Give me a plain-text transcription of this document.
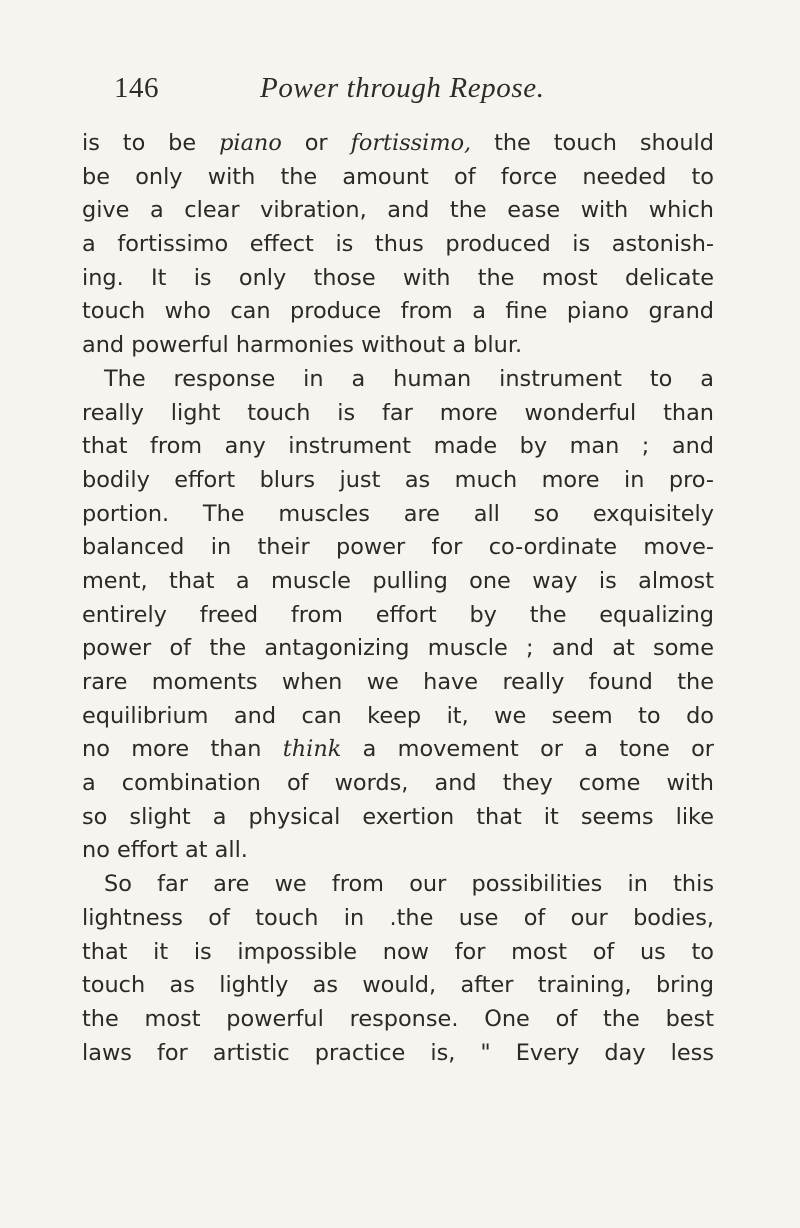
146	Power through Repose.
is to be piano or fortissimo, the touch should
be only with the amount of force needed to
give a clear vibration, and the ease with which
a fortissimo effect is thus produced is astonish-
ing. It is only those with the most delicate
touch who can produce from a fine piano grand
and powerful harmonies without a blur.
The response in a human instrument to a
really light touch is far more wonderful than
that from any instrument made by man ; and
bodily effort blurs just as much more in pro-
portion. The muscles are all so exquisitely
balanced in their power for co-ordinate move-
ment, that a muscle pulling one way is almost
entirely freed from effort by the equalizing
power of the antagonizing muscle ; and at some
rare moments when we have really found the
equilibrium and can keep it, we seem to do
no more than think a movement or a tone or
a combination of words, and they come with
so slight a physical exertion that it seems like
no effort at all.
So far are we from our possibilities in this
lightness of touch in .the use of our bodies,
that it is impossible now for most of us to
touch as lightly as would, after training, bring
the most powerful response. One of the best
laws for artistic practice is, " Every day less
